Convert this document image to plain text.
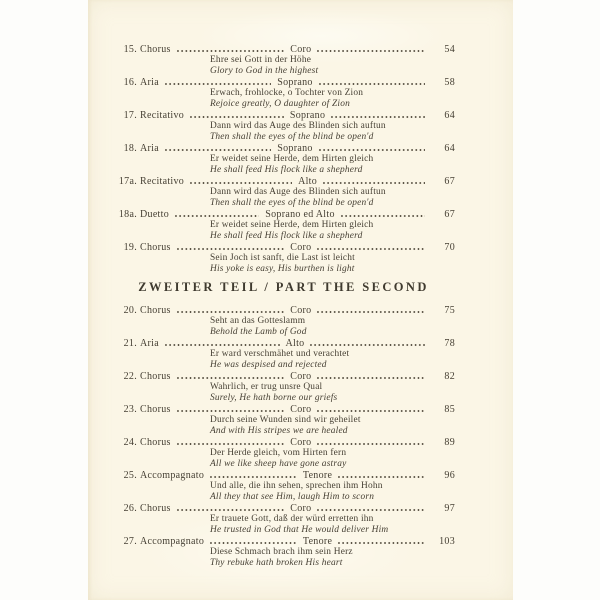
15. Chorus	Coro	54
Ehre sei Gott in der Höhe
Glory to God in the highest
16. Aria	Soprano	58
Erwach, frohlocke, o Tochter von Zion
Rejoice greatly, O daughter of Zion
17. Recitativo	Soprano	64
Dann wird das Auge des Blinden sich auftun
Then shall the eyes of the blind be open'd
18. Aria	Soprano	64
Er weidet seine Herde, dem Hirten gleich
He shall feed His flock like a shepherd
17a. Recitativo	Alto	67
Dann wird das Auge des Blinden sich auftun
Then shall the eyes of the blind be open'd
18a. Duetto	Soprano ed Alto	67
Er weidet seine Herde, dem Hirten gleich
He shall feed His flock like a shepherd
19. Chorus	Coro	70
Sein Joch ist sanft, die Last ist leicht
His yoke is easy, His burthen is light
ZWEITER TEIL / PART THE SECOND
20. Chorus	Coro	75
Seht an das Gotteslamm
Behold the Lamb of God
21. Aria	Alto	78
Er ward verschmähet und verachtet
He was despised and rejected
22. Chorus	Coro	82
Wahrlich, er trug unsre Qual
Surely, He hath borne our griefs
23. Chorus	Coro	85
Durch seine Wunden sind wir geheilet
And with His stripes we are healed
24. Chorus	Coro	89
Der Herde gleich, vom Hirten fern
All we like sheep have gone astray
25. Accompagnato	Tenore	96
Und alle, die ihn sehen, sprechen ihm Hohn
All they that see Him, laugh Him to scorn
26. Chorus	Coro	97
Er trauete Gott, daß der würd erretten ihn
He trusted in God that He would deliver Him
27. Accompagnato	Tenore	103
Diese Schmach brach ihm sein Herz
Thy rebuke hath broken His heart
